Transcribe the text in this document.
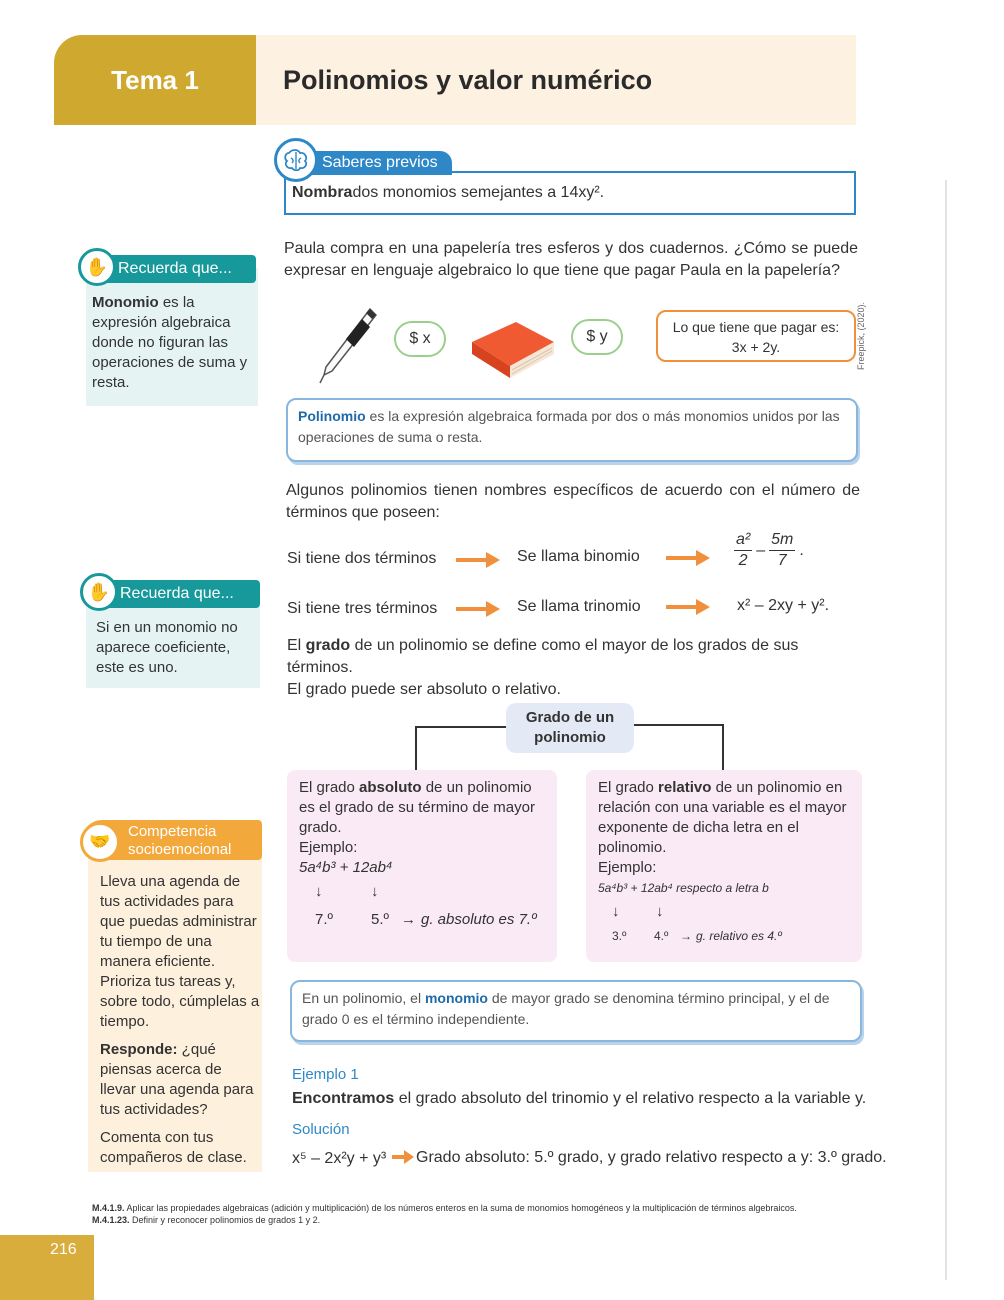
Tema 1	Polinomios y valor numérico
Freepick, (2020).
Nombra dos monomios semejantes a 14xy².
Saberes previos
Paula compra en una papelería tres esferos y dos cuadernos. ¿Cómo se puede expresar en lenguaje algebraico lo que tiene que pagar Paula en la papelería?
$ x	$ y
Lo que tiene que pagar es:
3x + 2y.
Polinomio es la expresión algebraica formada por dos o más monomios unidos por las operaciones de suma o resta.
Algunos polinomios tienen nombres específicos de acuerdo con el número de términos que poseen:
Si tiene dos términos	Se llama binomio	$\frac{\text{a²}}{2} - \frac{5m}{7}$ .
Si tiene tres términos	Se llama trinomio	x² – 2xy + y².
El grado de un polinomio se define como el mayor de los grados de sus términos.
El grado puede ser absoluto o relativo.
Grado de un polinomio
El grado absoluto de un polinomio es el grado de su término de mayor grado.
Ejemplo:
5a⁴b³ + 12ab⁴
↓	↓
7.º	5.º → g. absoluto es 7.º
El grado relativo de un polinomio en relación con una variable es el mayor exponente de dicha letra en el polinomio.
Ejemplo:
5a⁴b³ + 12ab⁴ respecto a letra b
↓ ↓
3.º 4.º → g. relativo es 4.º
En un polinomio, el monomio de mayor grado se denomina término principal, y el de grado 0 es el término independiente.
Ejemplo 1
Encontramos el grado absoluto del trinomio y el relativo respecto a la variable y.
Solución
x⁵ – 2x²y + y³ Grado absoluto: 5.º grado, y grado relativo respecto a y: 3.º grado.
Recuerda que...
✋
Monomio es la expresión algebraica donde no figuran las operaciones de suma y resta.
Recuerda que...
✋
Si en un monomio no aparece coeficiente, este es uno.
Competencia
socioemocional
🤝
Lleva una agenda de tus actividades para que puedas administrar tu tiempo de una manera eficiente. Prioriza tus tareas y, sobre todo, cúmplelas a tiempo.
Responde: ¿qué piensas acerca de llevar una agenda para tus actividades?
Comenta con tus compañeros de clase.
M.4.1.9. Aplicar las propiedades algebraicas (adición y multiplicación) de los números enteros en la suma de monomios homogéneos y la multiplicación de términos algebraicos.
M.4.1.23. Definir y reconocer polinomios de grados 1 y 2.
216
